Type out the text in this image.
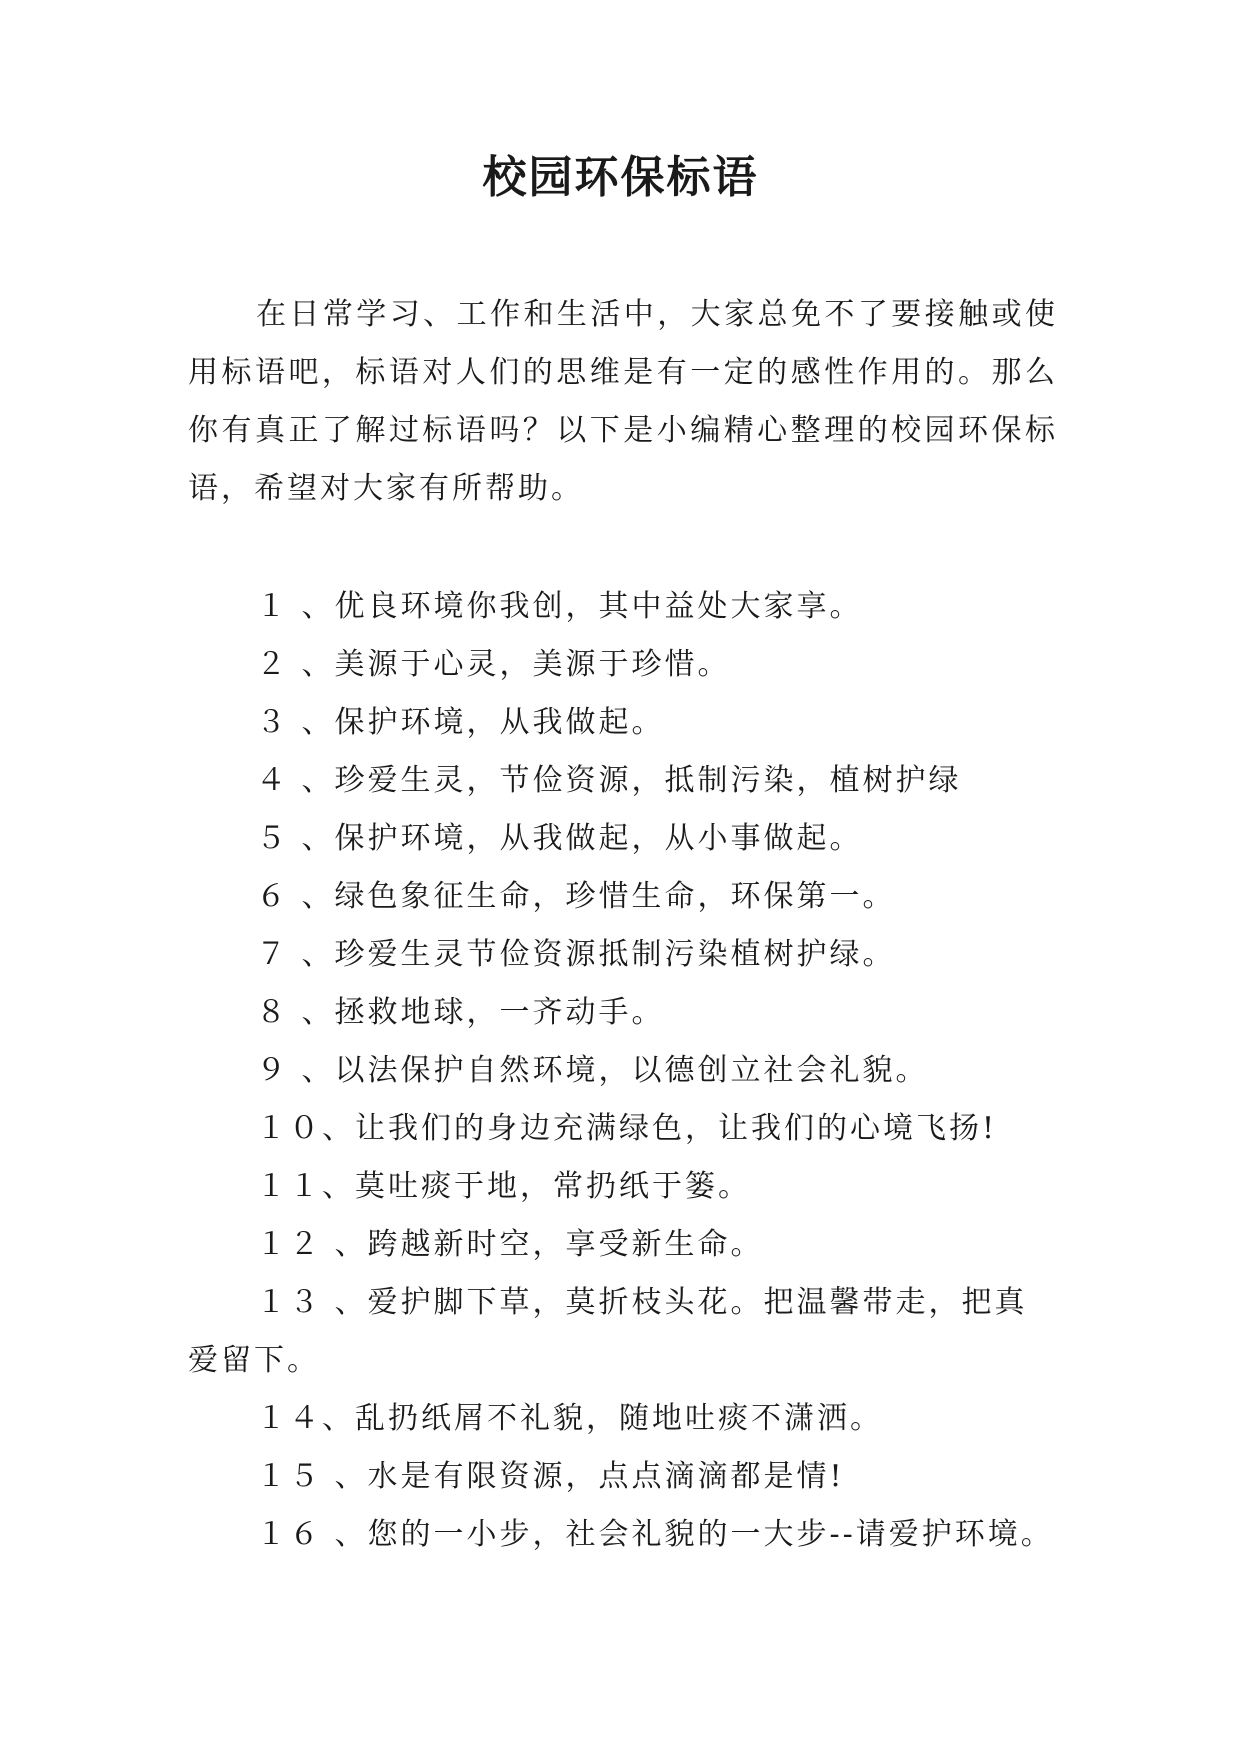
校园环保标语

在日常学习、工作和生活中，大家总免不了要接触或使用标语吧，标语对人们的思维是有一定的感性作用的。那么你有真正了解过标语吗？以下是小编精心整理的校园环保标语，希望对大家有所帮助。

１ 、优良环境你我创，其中益处大家享。
２ 、美源于心灵，美源于珍惜。
３ 、保护环境，从我做起。
４ 、珍爱生灵，节俭资源，抵制污染，植树护绿
５ 、保护环境，从我做起，从小事做起。
６ 、绿色象征生命，珍惜生命，环保第一。
７ 、珍爱生灵节俭资源抵制污染植树护绿。
８ 、拯救地球，一齐动手。
９ 、以法保护自然环境，以德创立社会礼貌。
１０、让我们的身边充满绿色，让我们的心境飞扬!
１１、莫吐痰于地，常扔纸于篓。
１２ 、跨越新时空，享受新生命。
１３ 、爱护脚下草，莫折枝头花。把温馨带走，把真爱留下。
１４、乱扔纸屑不礼貌，随地吐痰不潇洒。
１５ 、水是有限资源，点点滴滴都是情!
１６ 、您的一小步，社会礼貌的一大步--请爱护环境。
